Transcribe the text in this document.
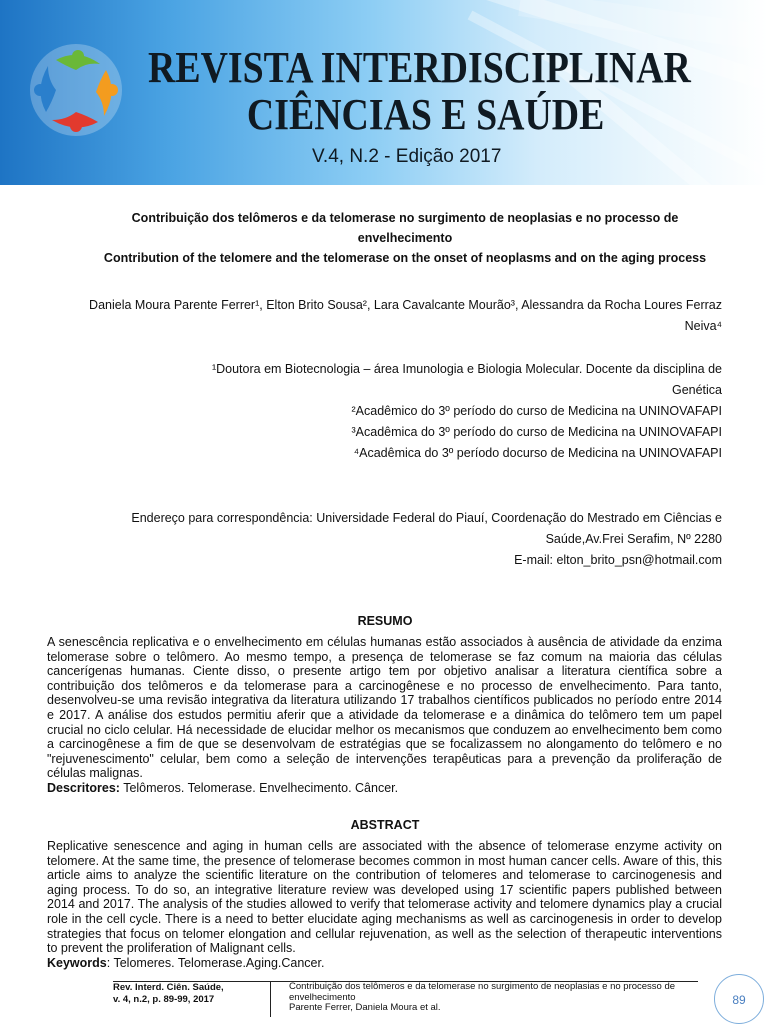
REVISTA INTERDISCIPLINAR
CIÊNCIAS E SAÚDE
V.4, N.2 - Edição 2017
Contribuição dos telômeros e da telomerase no surgimento de neoplasias e no processo de
envelhecimento
Contribution of the telomere and the telomerase on the onset of neoplasms and on the aging process
Daniela Moura Parente Ferrer¹, Elton Brito Sousa², Lara Cavalcante Mourão³, Alessandra da Rocha Loures Ferraz
Neiva⁴
¹Doutora em Biotecnologia – área Imunologia e Biologia Molecular. Docente da disciplina de
Genética
²Acadêmico do 3º período do curso de Medicina na UNINOVAFAPI
³Acadêmica do 3º período do curso de Medicina na UNINOVAFAPI
⁴Acadêmica do 3º período docurso de Medicina na UNINOVAFAPI
Endereço para correspondência: Universidade Federal do Piauí, Coordenação do Mestrado em Ciências e
Saúde,Av.Frei Serafim, Nº 2280
E-mail: elton_brito_psn@hotmail.com
RESUMO
A senescência replicativa e o envelhecimento em células humanas estão associados à ausência de atividade da enzima telomerase sobre o telômero. Ao mesmo tempo, a presença de telomerase se faz comum na maioria das células cancerígenas humanas. Ciente disso, o presente artigo tem por objetivo analisar a literatura científica sobre a contribuição dos telômeros e da telomerase para a carcinogênese e no processo de envelhecimento. Para tanto, desenvolveu-se uma revisão integrativa da literatura utilizando 17 trabalhos científicos publicados no período entre 2014 e 2017. A análise dos estudos permitiu aferir que a atividade da telomerase e a dinâmica do telômero tem um papel crucial no ciclo celular. Há necessidade de elucidar melhor os mecanismos que conduzem ao envelhecimento bem como a carcinogênese a fim de que se desenvolvam de estratégias que se focalizassem no alongamento do telômero e no "rejuvenescimento" celular, bem como a seleção de intervenções terapêuticas para a prevenção da proliferação de células malignas.
Descritores: Telômeros. Telomerase. Envelhecimento. Câncer.
ABSTRACT
Replicative senescence and aging in human cells are associated with the absence of telomerase enzyme activity on telomere. At the same time, the presence of telomerase becomes common in most human cancer cells. Aware of this, this article aims to analyze the scientific literature on the contribution of telomeres and telomerase to carcinogenesis and aging process. To do so, an integrative literature review was developed using 17 scientific papers published between 2014 and 2017. The analysis of the studies allowed to verify that telomerase activity and telomere dynamics play a crucial role in the cell cycle. There is a need to better elucidate aging mechanisms as well as carcinogenesis in order to develop strategies that focus on telomer elongation and cellular rejuvenation, as well as the selection of therapeutic interventions to prevent the proliferation of Malignant cells.
Keywords: Telomeres. Telomerase.Aging.Cancer.
Rev. Interd. Ciên. Saúde,
v. 4, n.2, p. 89-99, 2017
Contribuição dos telômeros e da telomerase no surgimento de neoplasias e no processo de envelhecimento
Parente Ferrer, Daniela Moura et al.
89
